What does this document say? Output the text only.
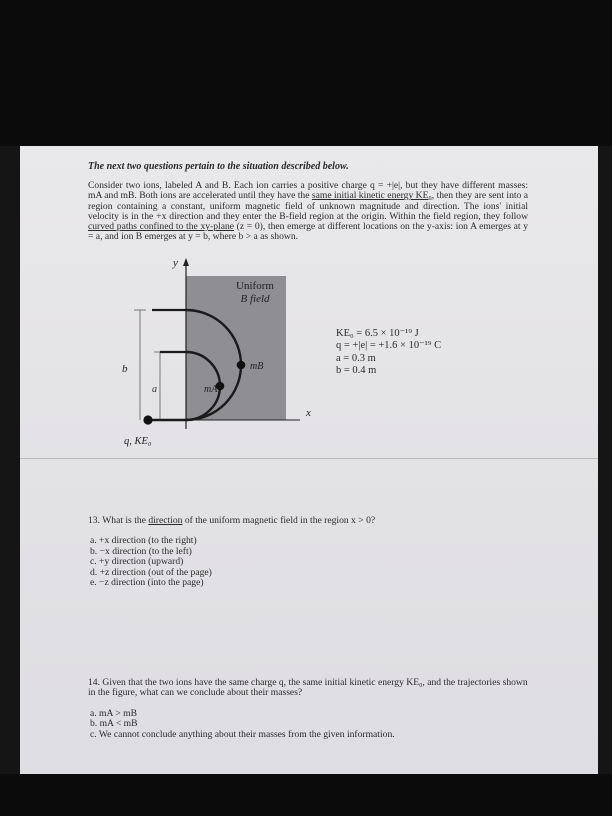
The next two questions pertain to the situation described below.

Consider two ions, labeled A and B. Each ion carries a positive charge q = +|e|, but they have different masses: mA and mB. Both ions are accelerated until they have the same initial kinetic energy KE₀, then they are sent into a region containing a constant, uniform magnetic field of unknown magnitude and direction. The ions' initial velocity is in the +x direction and they enter the B-field region at the origin. Within the field region, they follow curved paths confined to the xy-plane (z = 0), then emerge at different locations on the y-axis: ion A emerges at y = a, and ion B emerges at y = b, where b > a as shown.

Uniform
B field
y
x
b
a
mB
mA
q, KE₀
KE₀ = 6.5 × 10⁻¹⁹ J
q = +|e| = +1.6 × 10⁻¹⁹ C
a = 0.3 m
b = 0.4 m
13. What is the direction of the uniform magnetic field in the region x > 0?
a. +x direction (to the right)
b. −x direction (to the left)
c. +y direction (upward)
d. +z direction (out of the page)
e. −z direction (into the page)
14. Given that the two ions have the same charge q, the same initial kinetic energy KE₀, and the trajectories shown in the figure, what can we conclude about their masses?
a. mA > mB
b. mA < mB
c. We cannot conclude anything about their masses from the given information.
